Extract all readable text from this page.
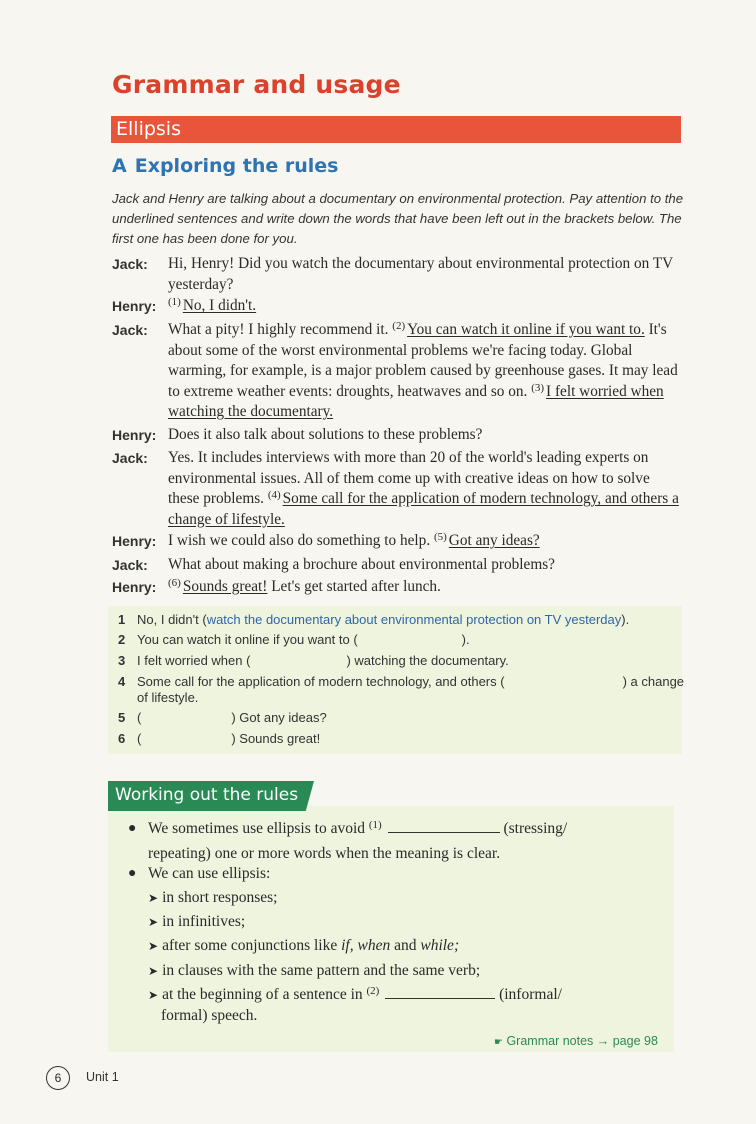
Grammar and usage
Ellipsis
A Exploring the rules
Jack and Henry are talking about a documentary on environmental protection. Pay attention to the underlined sentences and write down the words that have been left out in the brackets below. The first one has been done for you.
Jack: Hi, Henry! Did you watch the documentary about environmental protection on TV yesterday?
Henry: $^{(1)}$ No, I didn't.
Jack: What a pity! I highly recommend it. $^{(2)}$ You can watch it online if you want to. It's about some of the worst environmental problems we're facing today. Global warming, for example, is a major problem caused by greenhouse gases. It may lead to extreme weather events: droughts, heatwaves and so on. $^{(3)}$ I felt worried when watching the documentary.
Henry: Does it also talk about solutions to these problems?
Jack: Yes. It includes interviews with more than 20 of the world's leading experts on environmental issues. All of them come up with creative ideas on how to solve these problems. $^{(4)}$ Some call for the application of modern technology, and others a change of lifestyle.
Henry: I wish we could also do something to help. $^{(5)}$ Got any ideas?
Jack: What about making a brochure about environmental problems?
Henry: $^{(6)}$ Sounds great! Let's get started after lunch.
1 No, I didn't (watch the documentary about environmental protection on TV yesterday).
2 You can watch it online if you want to (	).
3 I felt worried when (	) watching the documentary.
4 Some call for the application of modern technology, and others (	) a change
of lifestyle.
5 (	) Got any ideas?
6 (	) Sounds great!
Working out the rules
● We sometimes use ellipsis to avoid $^{(1)}$	(stressing/
repeating) one or more words when the meaning is clear.
● We can use ellipsis:
➤ in short responses;
➤ in infinitives;
➤ after some conjunctions like if, when and while;
➤ in clauses with the same pattern and the same verb;
➤ at the beginning of a sentence in $^{(2)}$	(informal/
formal) speech.
☛ Grammar notes → page 98
6	Unit 1
